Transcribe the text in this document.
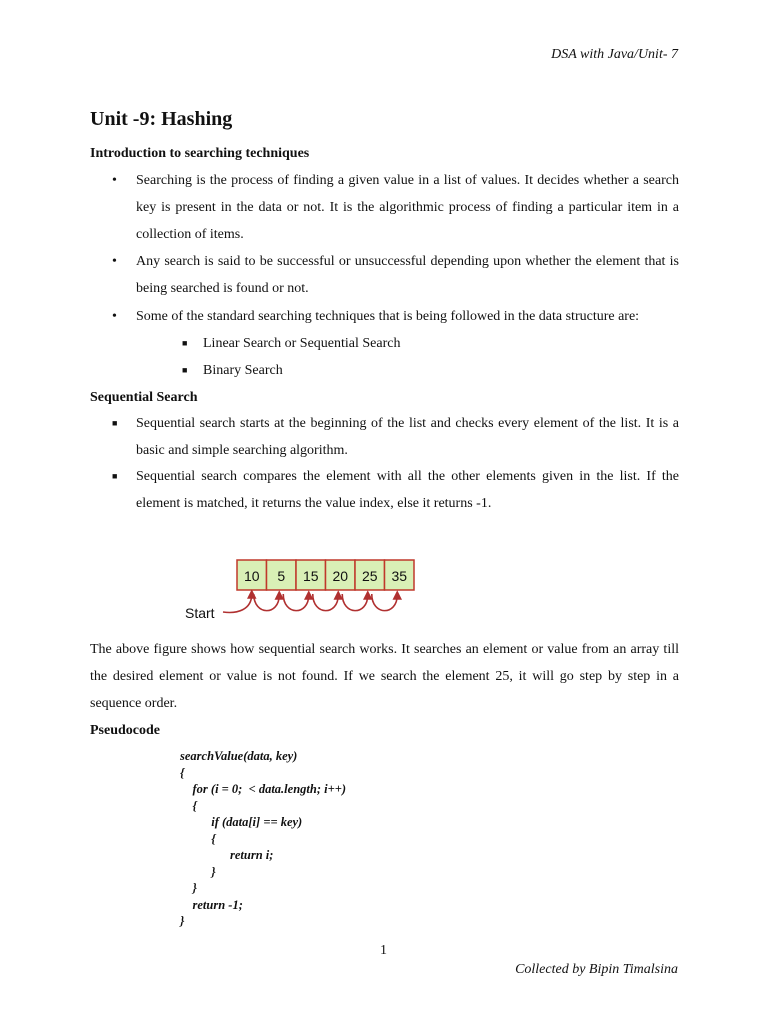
DSA with Java/Unit- 7
Unit -9: Hashing
Introduction to searching techniques
• Searching is the process of finding a given value in a list of values. It decides whether a search key is present in the data or not. It is the algorithmic process of finding a particular item in a collection of items.

• Any search is said to be successful or unsuccessful depending upon whether the element that is being searched is found or not.

• Some of the standard searching techniques that is being followed in the data structure are:

■ Linear Search or Sequential Search

■ Binary Search

Sequential Search
■ Sequential search starts at the beginning of the list and checks every element of the list. It is a basic and simple searching algorithm.

■ Sequential search compares the element with all the other elements given in the list. If the element is matched, it returns the value index, else it returns -1.

10 5 15 20 25 35
Start

The above figure shows how sequential search works. It searches an element or value from an array till the desired element or value is not found. If we search the element 25, it will go step by step in a sequence order.

Pseudocode
searchValue(data, key)
{
for (i = 0;  < data.length; i++)
{
if (data[i] == key)
{
return i;
}
}
return -1;
}
1
Collected by Bipin Timalsina
